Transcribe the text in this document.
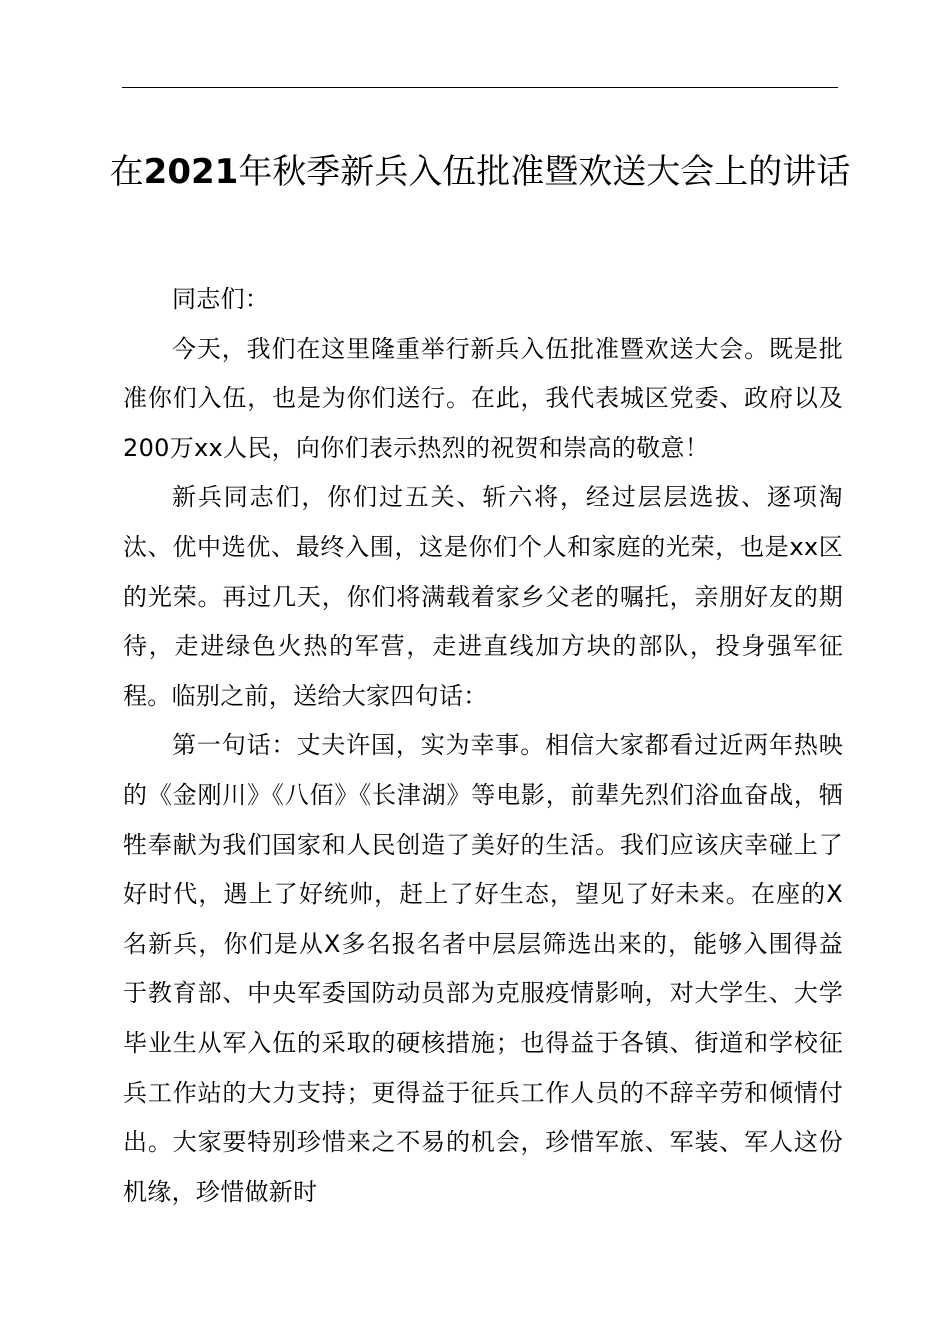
在2021年秋季新兵入伍批准暨欢送大会上的讲话

同志们：

今天，我们在这里隆重举行新兵入伍批准暨欢送大会。既是批准你们入伍，也是为你们送行。在此，我代表城区党委、政府以及200万xx人民，向你们表示热烈的祝贺和崇高的敬意！

新兵同志们，你们过五关、斩六将，经过层层选拔、逐项淘汰、优中选优、最终入围，这是你们个人和家庭的光荣，也是xx区的光荣。再过几天，你们将满载着家乡父老的嘱托，亲朋好友的期待，走进绿色火热的军营，走进直线加方块的部队，投身强军征程。临别之前，送给大家四句话：

第一句话：丈夫许国，实为幸事。相信大家都看过近两年热映的《金刚川》《八佰》《长津湖》等电影，前辈先烈们浴血奋战，牺牲奉献为我们国家和人民创造了美好的生活。我们应该庆幸碰上了好时代，遇上了好统帅，赶上了好生态，望见了好未来。在座的X名新兵，你们是从X多名报名者中层层筛选出来的，能够入围得益于教育部、中央军委国防动员部为克服疫情影响，对大学生、大学毕业生从军入伍的采取的硬核措施；也得益于各镇、街道和学校征兵工作站的大力支持；更得益于征兵工作人员的不辞辛劳和倾情付出。大家要特别珍惜来之不易的机会，珍惜军旅、军装、军人这份机缘，珍惜做新时
